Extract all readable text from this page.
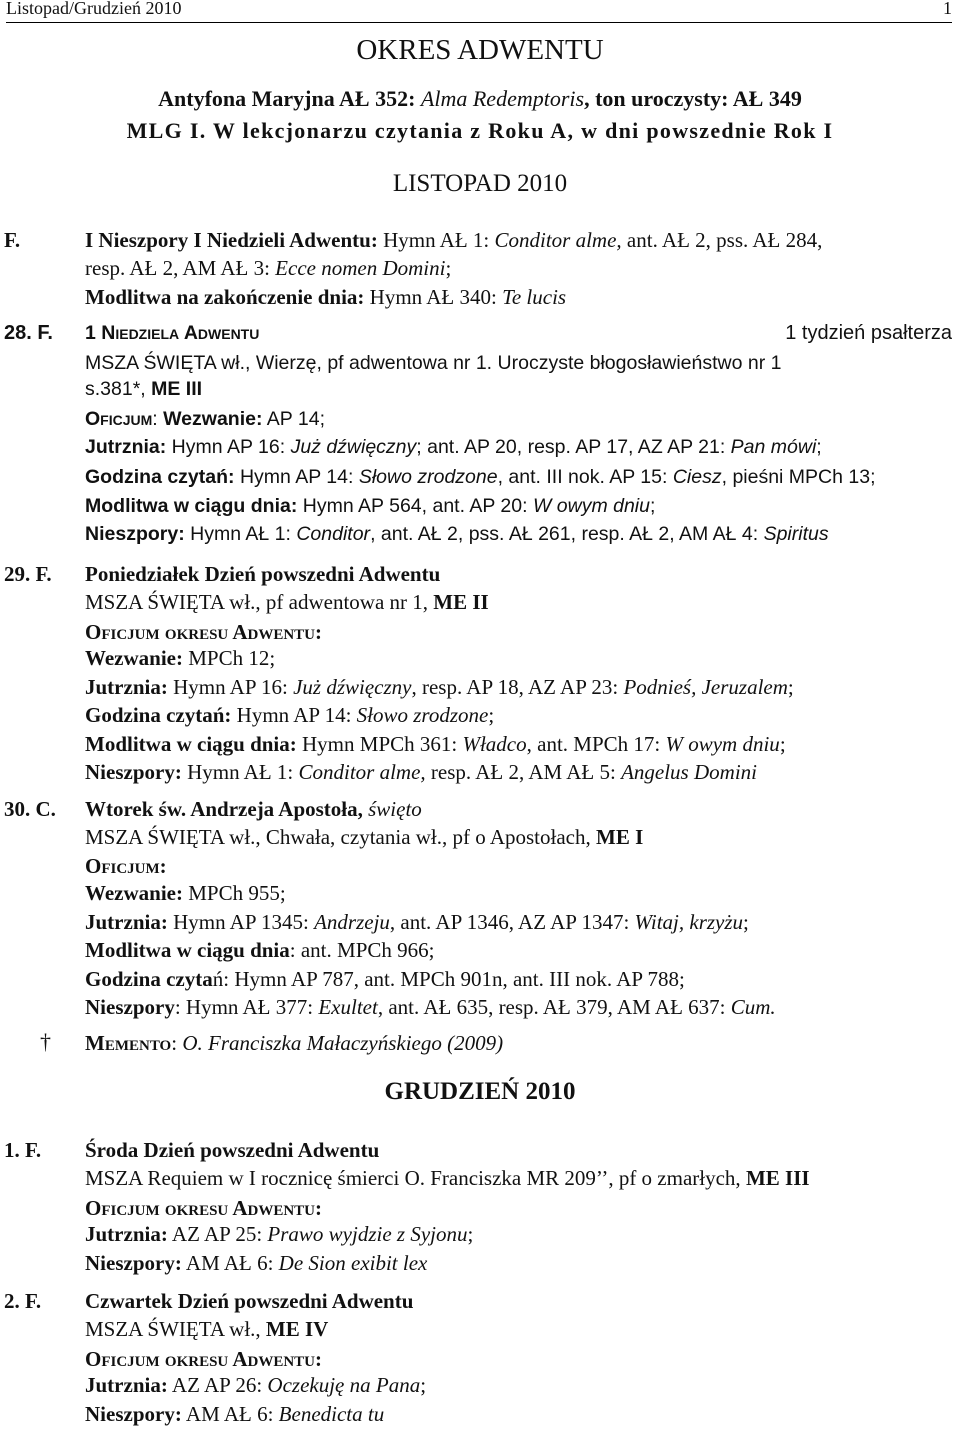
Listopad/Grudzień 2010	1
OKRES ADWENTU
Antyfona Maryjna AŁ 352: Alma Redemptoris, ton uroczysty: AŁ 349
MLG I. W lekcjonarzu czytania z Roku A, w dni powszednie Rok I
LISTOPAD 2010
F.	I Nieszpory I Niedzieli Adwentu: Hymn AŁ 1: Conditor alme, ant. AŁ 2, pss. AŁ 284,
resp. AŁ 2, AM AŁ 3: Ecce nomen Domini;
Modlitwa na zakończenie dnia: Hymn AŁ 340: Te lucis
28. F. 1 Niedziela Adwentu	1 tydzień psałterza
MSZA ŚWIĘTA wł., Wierzę, pf adwentowa nr 1. Uroczyste błogosławieństwo nr 1
s.381*, ME III
Oficjum: Wezwanie: AP 14;
Jutrznia: Hymn AP 16: Już dźwięczny; ant. AP 20, resp. AP 17, AZ AP 21: Pan mówi;
Godzina czytań: Hymn AP 14: Słowo zrodzone, ant. III nok. AP 15: Ciesz, pieśni MPCh 13;
Modlitwa w ciągu dnia: Hymn AP 564, ant. AP 20: W owym dniu;
Nieszpory: Hymn AŁ 1: Conditor, ant. AŁ 2, pss. AŁ 261, resp. AŁ 2, AM AŁ 4: Spiritus
29. F. Poniedziałek Dzień powszedni Adwentu
MSZA ŚWIĘTA wł., pf adwentowa nr 1, ME II
Oficjum okresu Adwentu:
Wezwanie: MPCh 12;
Jutrznia: Hymn AP 16: Już dźwięczny, resp. AP 18, AZ AP 23: Podnieś, Jeruzalem;
Godzina czytań: Hymn AP 14: Słowo zrodzone;
Modlitwa w ciągu dnia: Hymn MPCh 361: Władco, ant. MPCh 17: W owym dniu;
Nieszpory: Hymn AŁ 1: Conditor alme, resp. AŁ 2, AM AŁ 5: Angelus Domini
30. C. Wtorek św. Andrzeja Apostoła, święto
MSZA ŚWIĘTA wł., Chwała, czytania wł., pf o Apostołach, ME I
Oficjum:
Wezwanie: MPCh 955;
Jutrznia: Hymn AP 1345: Andrzeju, ant. AP 1346, AZ AP 1347: Witaj, krzyżu;
Modlitwa w ciągu dnia: ant. MPCh 966;
Godzina czytań: Hymn AP 787, ant. MPCh 901n, ant. III nok. AP 788;
Nieszpory: Hymn AŁ 377: Exultet, ant. AŁ 635, resp. AŁ 379, AM AŁ 637: Cum.
† Memento: O. Franciszka Małaczyńskiego (2009)
GRUDZIEŃ 2010
1. F. Środa Dzień powszedni Adwentu
MSZA Requiem w I rocznicę śmierci O. Franciszka MR 209’’, pf o zmarłych, ME III
Oficjum okresu Adwentu:
Jutrznia: AZ AP 25: Prawo wyjdzie z Syjonu;
Nieszpory: AM AŁ 6: De Sion exibit lex
2. F. Czwartek Dzień powszedni Adwentu
MSZA ŚWIĘTA wł., ME IV
Oficjum okresu Adwentu:
Jutrznia: AZ AP 26: Oczekuję na Pana;
Nieszpory: AM AŁ 6: Benedicta tu
